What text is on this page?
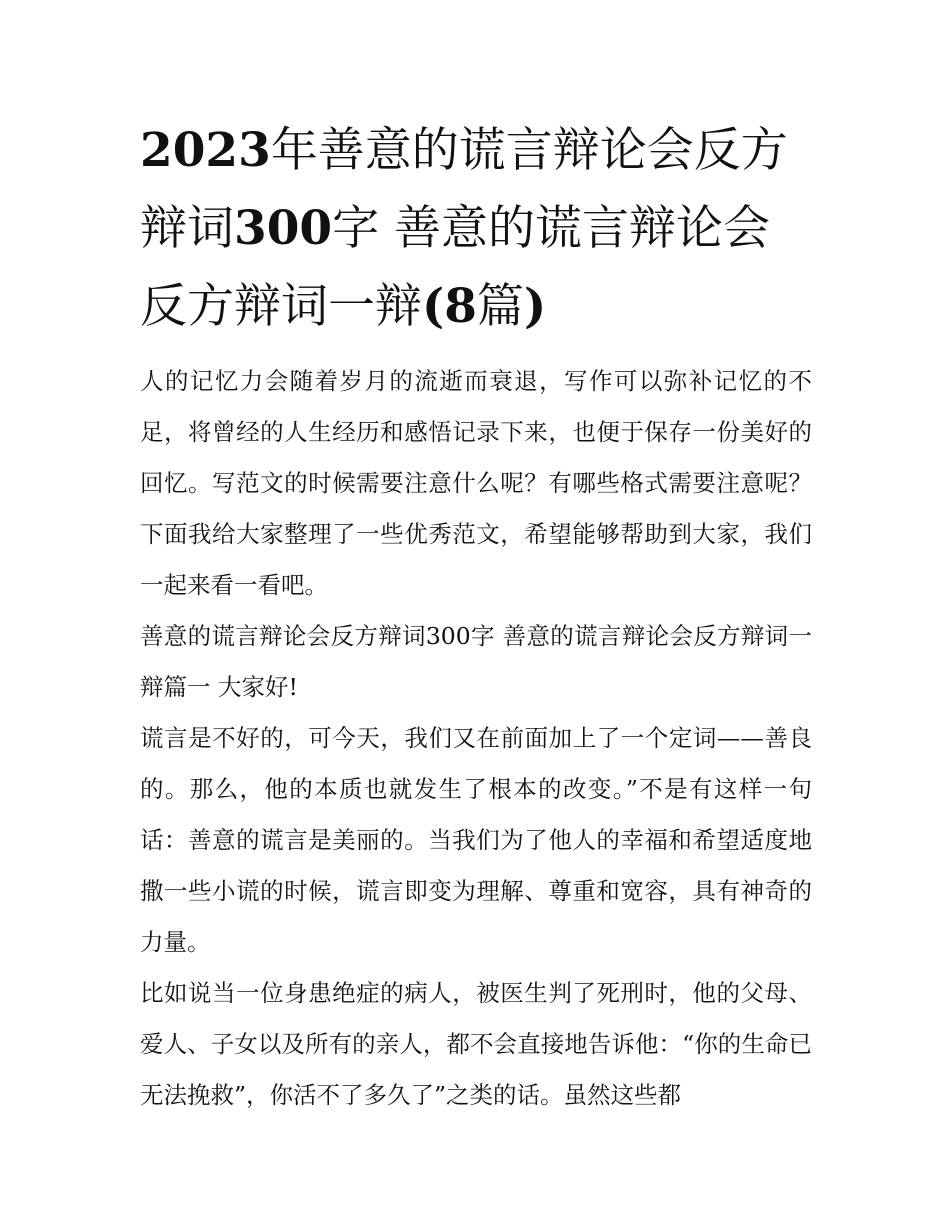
2023年善意的谎言辩论会反方辩词300字 善意的谎言辩论会反方辩词一辩(8篇)

人的记忆力会随着岁月的流逝而衰退，写作可以弥补记忆的不足，将曾经的人生经历和感悟记录下来，也便于保存一份美好的回忆。写范文的时候需要注意什么呢？有哪些格式需要注意呢？下面我给大家整理了一些优秀范文，希望能够帮助到大家，我们一起来看一看吧。

善意的谎言辩论会反方辩词300字 善意的谎言辩论会反方辩词一辩篇一 大家好!

谎言是不好的，可今天，我们又在前面加上了一个定词——善良的。那么，他的本质也就发生了根本的改变。”不是有这样一句话：善意的谎言是美丽的。当我们为了他人的幸福和希望适度地撒一些小谎的时候，谎言即变为理解、尊重和宽容，具有神奇的力量。

比如说当一位身患绝症的病人，被医生判了死刑时，他的父母、爱人、子女以及所有的亲人，都不会直接地告诉他：“你的生命已无法挽救”，你活不了多久了”之类的话。虽然这些都
